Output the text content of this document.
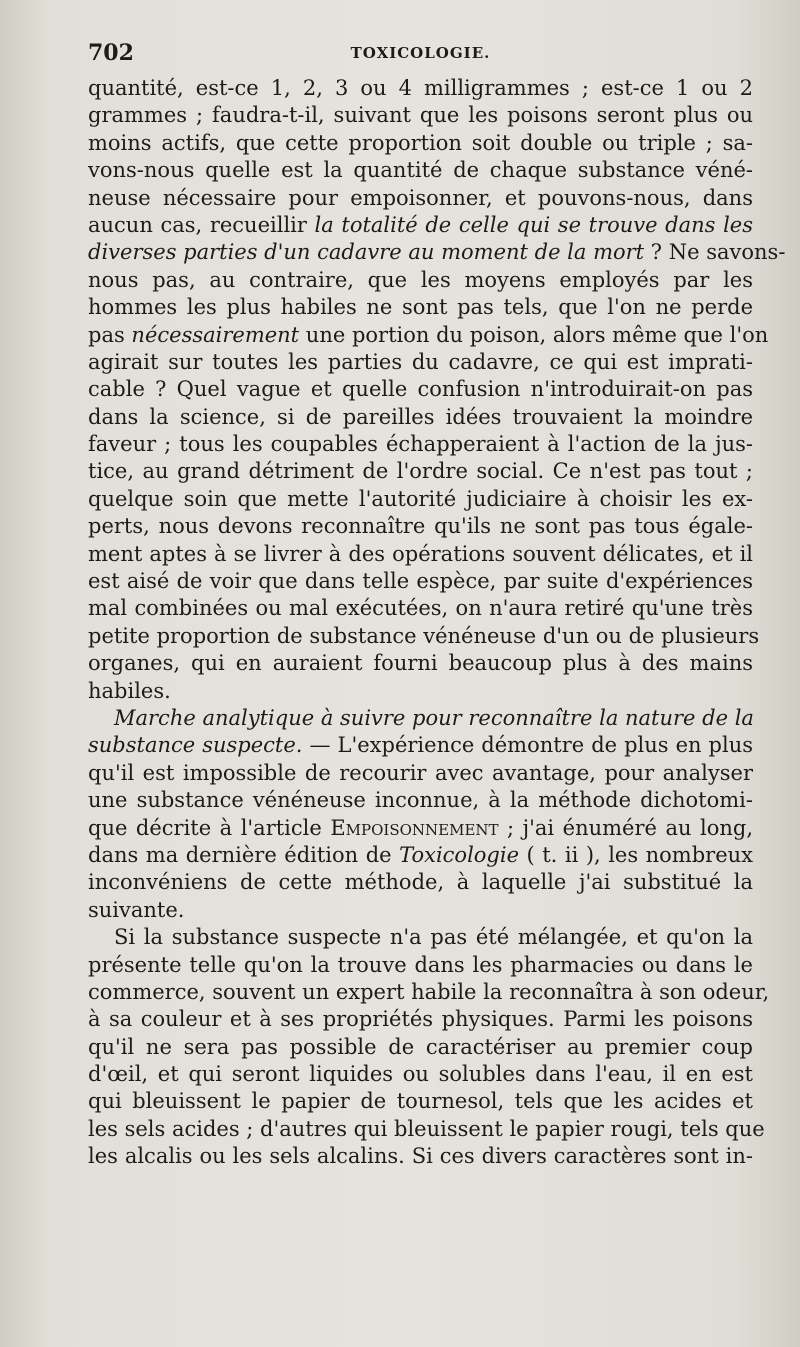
702	TOXICOLOGIE.
quantité, est-ce 1, 2, 3 ou 4 milligrammes ; est-ce 1 ou 2
grammes ; faudra-t-il, suivant que les poisons seront plus ou
moins actifs, que cette proportion soit double ou triple ; sa-
vons-nous quelle est la quantité de chaque substance véné-
neuse nécessaire pour empoisonner, et pouvons-nous, dans
aucun cas, recueillir la totalité de celle qui se trouve dans les
diverses parties d'un cadavre au moment de la mort ? Ne savons-
nous pas, au contraire, que les moyens employés par les
hommes les plus habiles ne sont pas tels, que l'on ne perde
pas nécessairement une portion du poison, alors même que l'on
agirait sur toutes les parties du cadavre, ce qui est imprati-
cable ? Quel vague et quelle confusion n'introduirait-on pas
dans la science, si de pareilles idées trouvaient la moindre
faveur ; tous les coupables échapperaient à l'action de la jus-
tice, au grand détriment de l'ordre social. Ce n'est pas tout ;
quelque soin que mette l'autorité judiciaire à choisir les ex-
perts, nous devons reconnaître qu'ils ne sont pas tous égale-
ment aptes à se livrer à des opérations souvent délicates, et il
est aisé de voir que dans telle espèce, par suite d'expériences
mal combinées ou mal exécutées, on n'aura retiré qu'une très
petite proportion de substance vénéneuse d'un ou de plusieurs
organes, qui en auraient fourni beaucoup plus à des mains
habiles.
Marche analytique à suivre pour reconnaître la nature de la
substance suspecte. — L'expérience démontre de plus en plus
qu'il est impossible de recourir avec avantage, pour analyser
une substance vénéneuse inconnue, à la méthode dichotomi-
que décrite à l'article Empoisonnement ; j'ai énuméré au long,
dans ma dernière édition de Toxicologie ( t. ii ), les nombreux
inconvéniens de cette méthode, à laquelle j'ai substitué la
suivante.
Si la substance suspecte n'a pas été mélangée, et qu'on la
présente telle qu'on la trouve dans les pharmacies ou dans le
commerce, souvent un expert habile la reconnaîtra à son odeur,
à sa couleur et à ses propriétés physiques. Parmi les poisons
qu'il ne sera pas possible de caractériser au premier coup
d'œil, et qui seront liquides ou solubles dans l'eau, il en est
qui bleuissent le papier de tournesol, tels que les acides et
les sels acides ; d'autres qui bleuissent le papier rougi, tels que
les alcalis ou les sels alcalins. Si ces divers caractères sont in-
